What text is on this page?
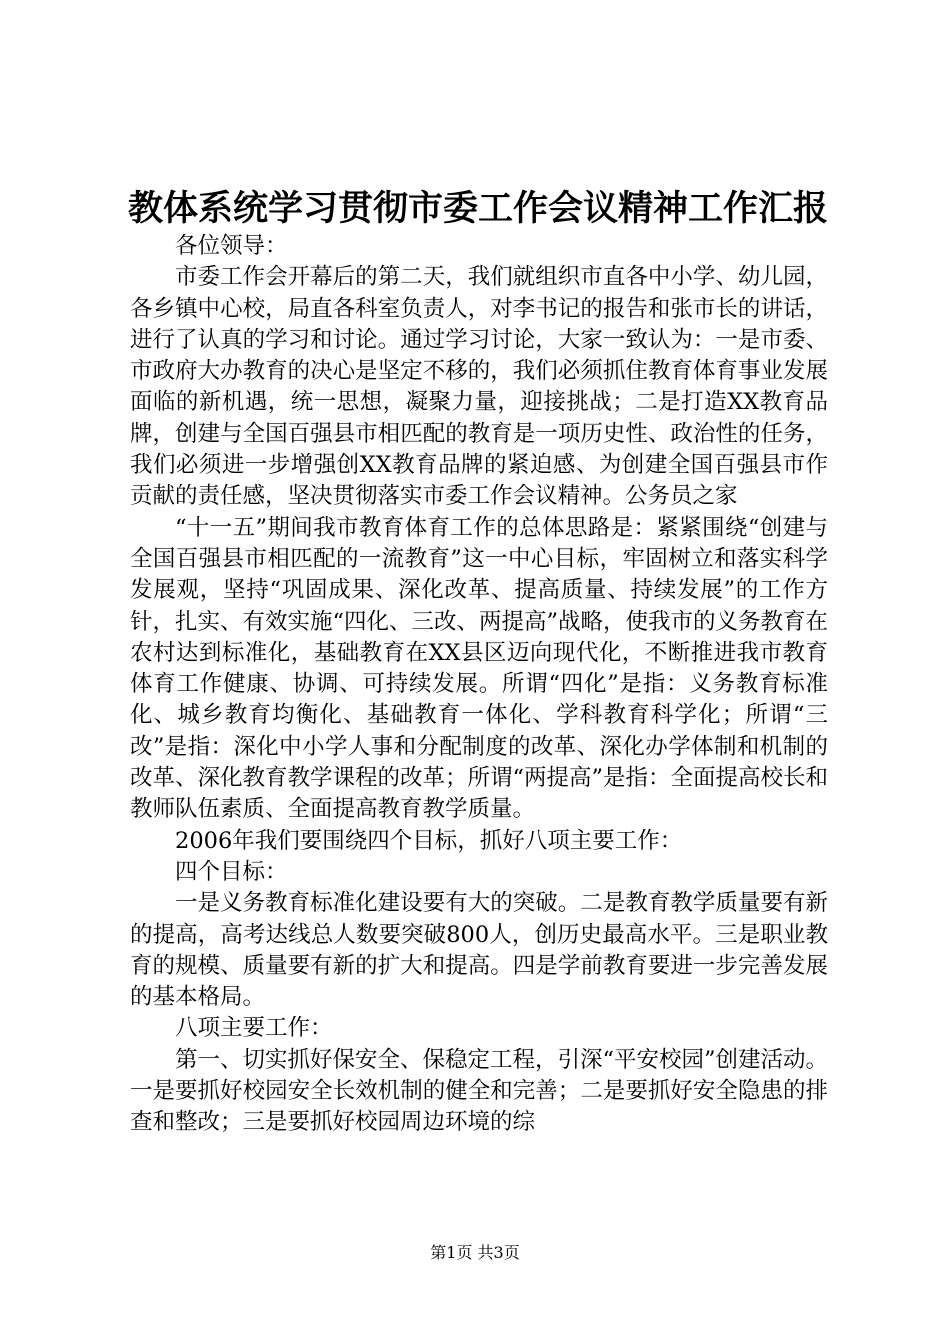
教体系统学习贯彻市委工作会议精神工作汇报

各位领导：

市委工作会开幕后的第二天，我们就组织市直各中小学、幼儿园，各乡镇中心校，局直各科室负责人，对李书记的报告和张市长的讲话，进行了认真的学习和讨论。通过学习讨论，大家一致认为：一是市委、市政府大办教育的决心是坚定不移的，我们必须抓住教育体育事业发展面临的新机遇，统一思想，凝聚力量，迎接挑战；二是打造XX教育品牌，创建与全国百强县市相匹配的教育是一项历史性、政治性的任务，我们必须进一步增强创XX教育品牌的紧迫感、为创建全国百强县市作贡献的责任感，坚决贯彻落实市委工作会议精神。公务员之家

“十一五”期间我市教育体育工作的总体思路是：紧紧围绕“创建与全国百强县市相匹配的一流教育”这一中心目标，牢固树立和落实科学发展观，坚持“巩固成果、深化改革、提高质量、持续发展”的工作方针，扎实、有效实施“四化、三改、两提高”战略，使我市的义务教育在农村达到标准化，基础教育在XX县区迈向现代化，不断推进我市教育体育工作健康、协调、可持续发展。所谓“四化”是指：义务教育标准化、城乡教育均衡化、基础教育一体化、学科教育科学化；所谓“三改”是指：深化中小学人事和分配制度的改革、深化办学体制和机制的改革、深化教育教学课程的改革；所谓“两提高”是指：全面提高校长和教师队伍素质、全面提高教育教学质量。

2006年我们要围绕四个目标，抓好八项主要工作：

四个目标：

一是义务教育标准化建设要有大的突破。二是教育教学质量要有新的提高，高考达线总人数要突破800人，创历史最高水平。三是职业教育的规模、质量要有新的扩大和提高。四是学前教育要进一步完善发展的基本格局。

八项主要工作：

第一、切实抓好保安全、保稳定工程，引深“平安校园”创建活动。一是要抓好校园安全长效机制的健全和完善；二是要抓好安全隐患的排查和整改；三是要抓好校园周边环境的综

第1页 共3页
